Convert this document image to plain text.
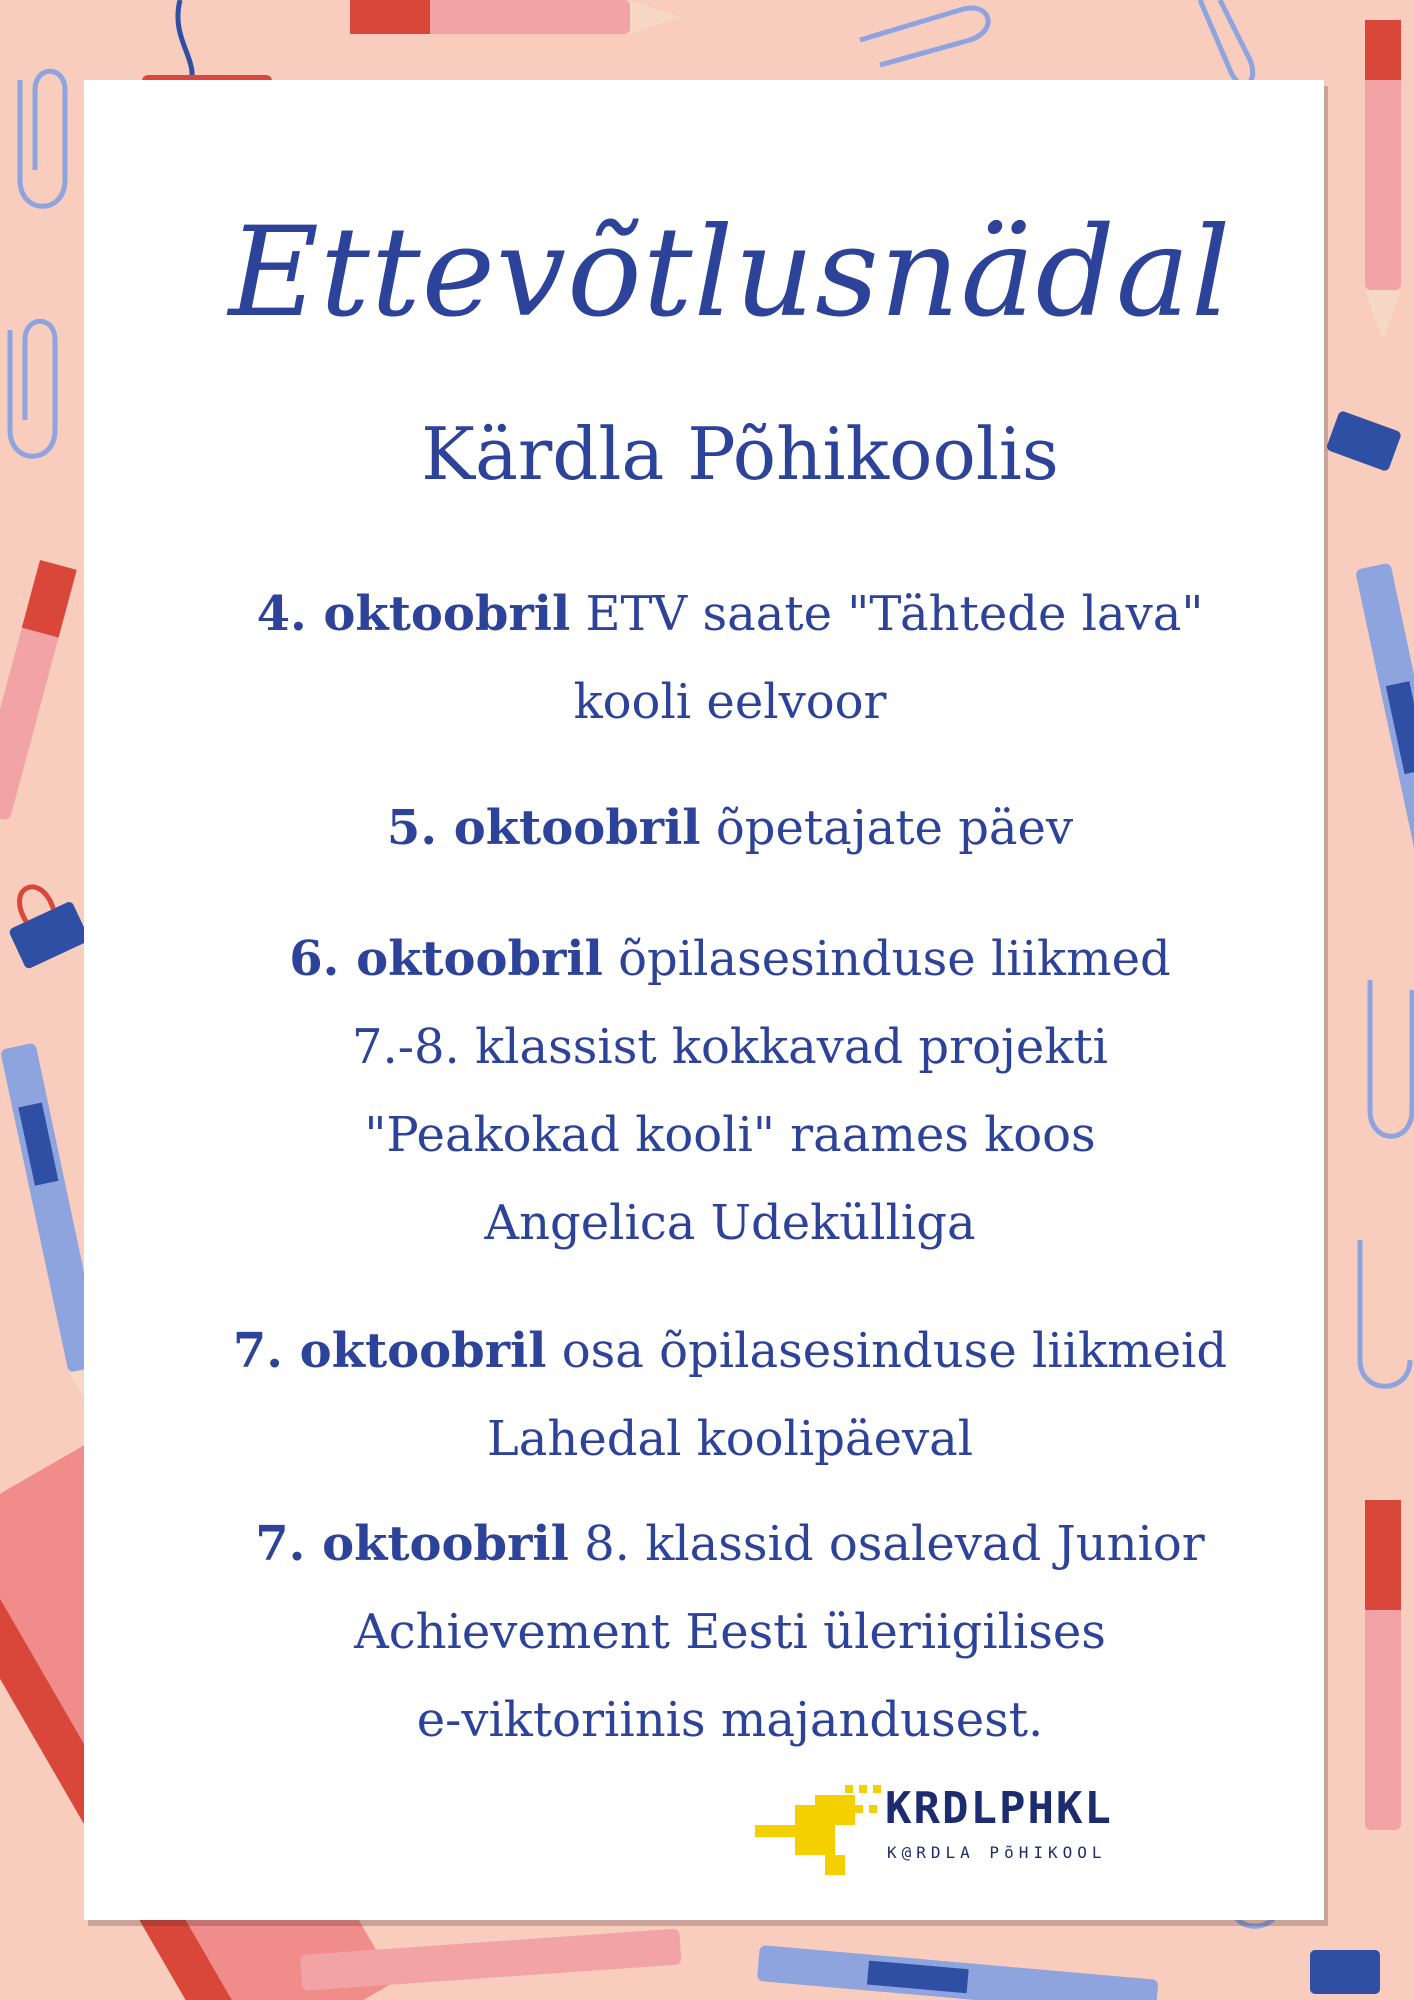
Ettevõtlusnädal
Kärdla Põhikoolis
4. oktoobril ETV saate "Tähtede lava"
kooli eelvoor
5. oktoobril õpetajate päev
6. oktoobril õpilasesinduse liikmed
7.-8. klassist kokkavad projekti
"Peakokad kooli" raames koos
Angelica Udekülliga
7. oktoobril osa õpilasesinduse liikmeid
Lahedal koolipäeval
7. oktoobril 8. klassid osalevad Junior
Achievement Eesti üleriigilises
e-viktoriinis majandusest.
KRDLPHKL
K@RDLA PõHIKOOL
